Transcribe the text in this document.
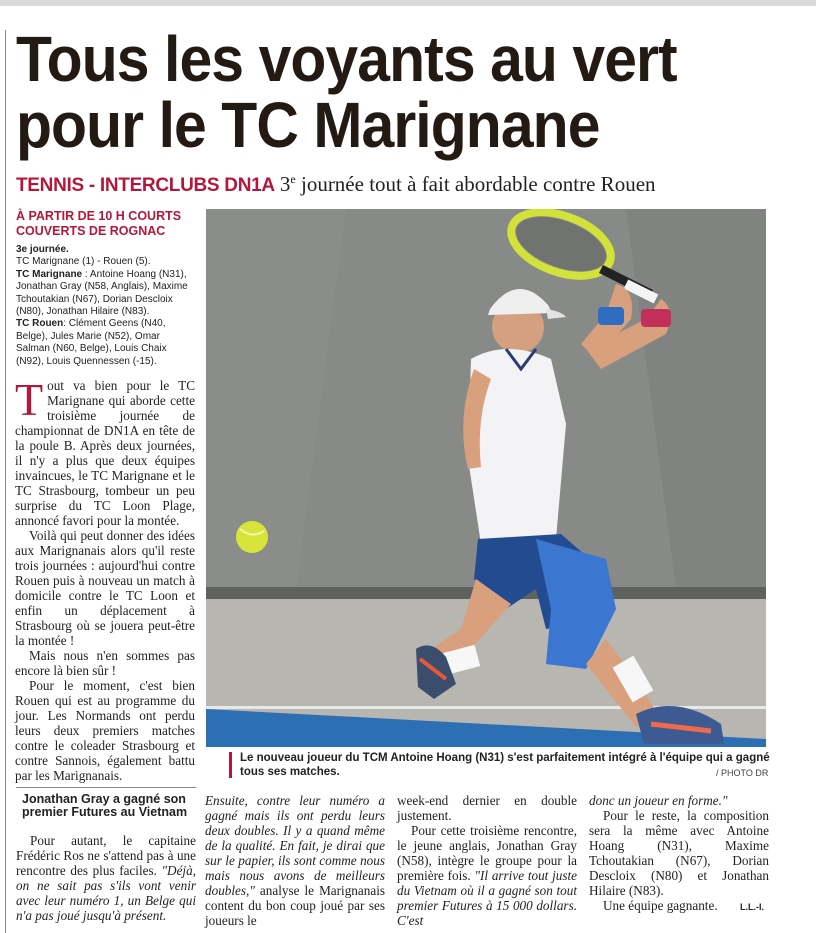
Tous les voyants au vert
pour le TC Marignane
TENNIS - INTERCLUBS DN1A 3e journée tout à fait abordable contre Rouen
À PARTIR DE 10 H COURTS COUVERTS DE ROGNAC

3e journée.

TC Marignane (1) - Rouen (5).

TC Marignane : Antoine Hoang (N31), Jonathan Gray (N58, Anglais), Maxime Tchoutakian (N67), Dorian Descloix (N80), Jonathan Hilaire (N83).

TC Rouen: Clément Geens (N40, Belge), Jules Marie (N52), Omar Salman (N60, Belge), Louis Chaix (N92), Louis Quennessen (-15).

Le nouveau joueur du TCM Antoine Hoang (N31) s'est parfaitement intégré à l'équipe qui a gagné tous ses matches.	/ PHOTO DR

Tout va bien pour le TC Marignane qui aborde cette troisième journée de championnat de DN1A en tête de la poule B. Après deux journées, il n'y a plus que deux équipes invaincues, le TC Marignane et le TC Strasbourg, tombeur un peu surprise du TC Loon Plage, annoncé favori pour la montée.

Voilà qui peut donner des idées aux Marignanais alors qu'il reste trois journées : aujourd'hui contre Rouen puis à nouveau un match à domicile contre le TC Loon et enfin un déplacement à Strasbourg où se jouera peut-être la montée !

Mais nous n'en sommes pas encore là bien sûr !

Pour le moment, c'est bien Rouen qui est au programme du jour. Les Normands ont perdu leurs deux premiers matches contre le coleader Strasbourg et contre Sannois, également battu par les Marignanais.

Jonathan Gray a gagné son premier Futures au Vietnam

Pour autant, le capitaine Frédéric Ros ne s'attend pas à une rencontre des plus faciles. "Déjà, on ne sait pas s'ils vont venir avec leur numéro 1, un Belge qui n'a pas joué jusqu'à présent.

Ensuite, contre leur numéro a gagné mais ils ont perdu leurs deux doubles. Il y a quand même de la qualité. En fait, je dirai que sur le papier, ils sont comme nous mais nous avons de meilleurs doubles," analyse le Marignanais content du bon coup joué par ses joueurs le

week-end dernier en double justement.

Pour cette troisième rencontre, le jeune anglais, Jonathan Gray (N58), intègre le groupe pour la première fois. "Il arrive tout juste du Vietnam où il a gagné son tout premier Futures à 15 000 dollars. C'est

donc un joueur en forme."

Pour le reste, la composition sera la même avec Antoine Hoang (N31), Maxime Tchoutakian (N67), Dorian Descloix (N80) et Jonathan Hilaire (N83).

Une équipe gagnante.	L.L.-I.
